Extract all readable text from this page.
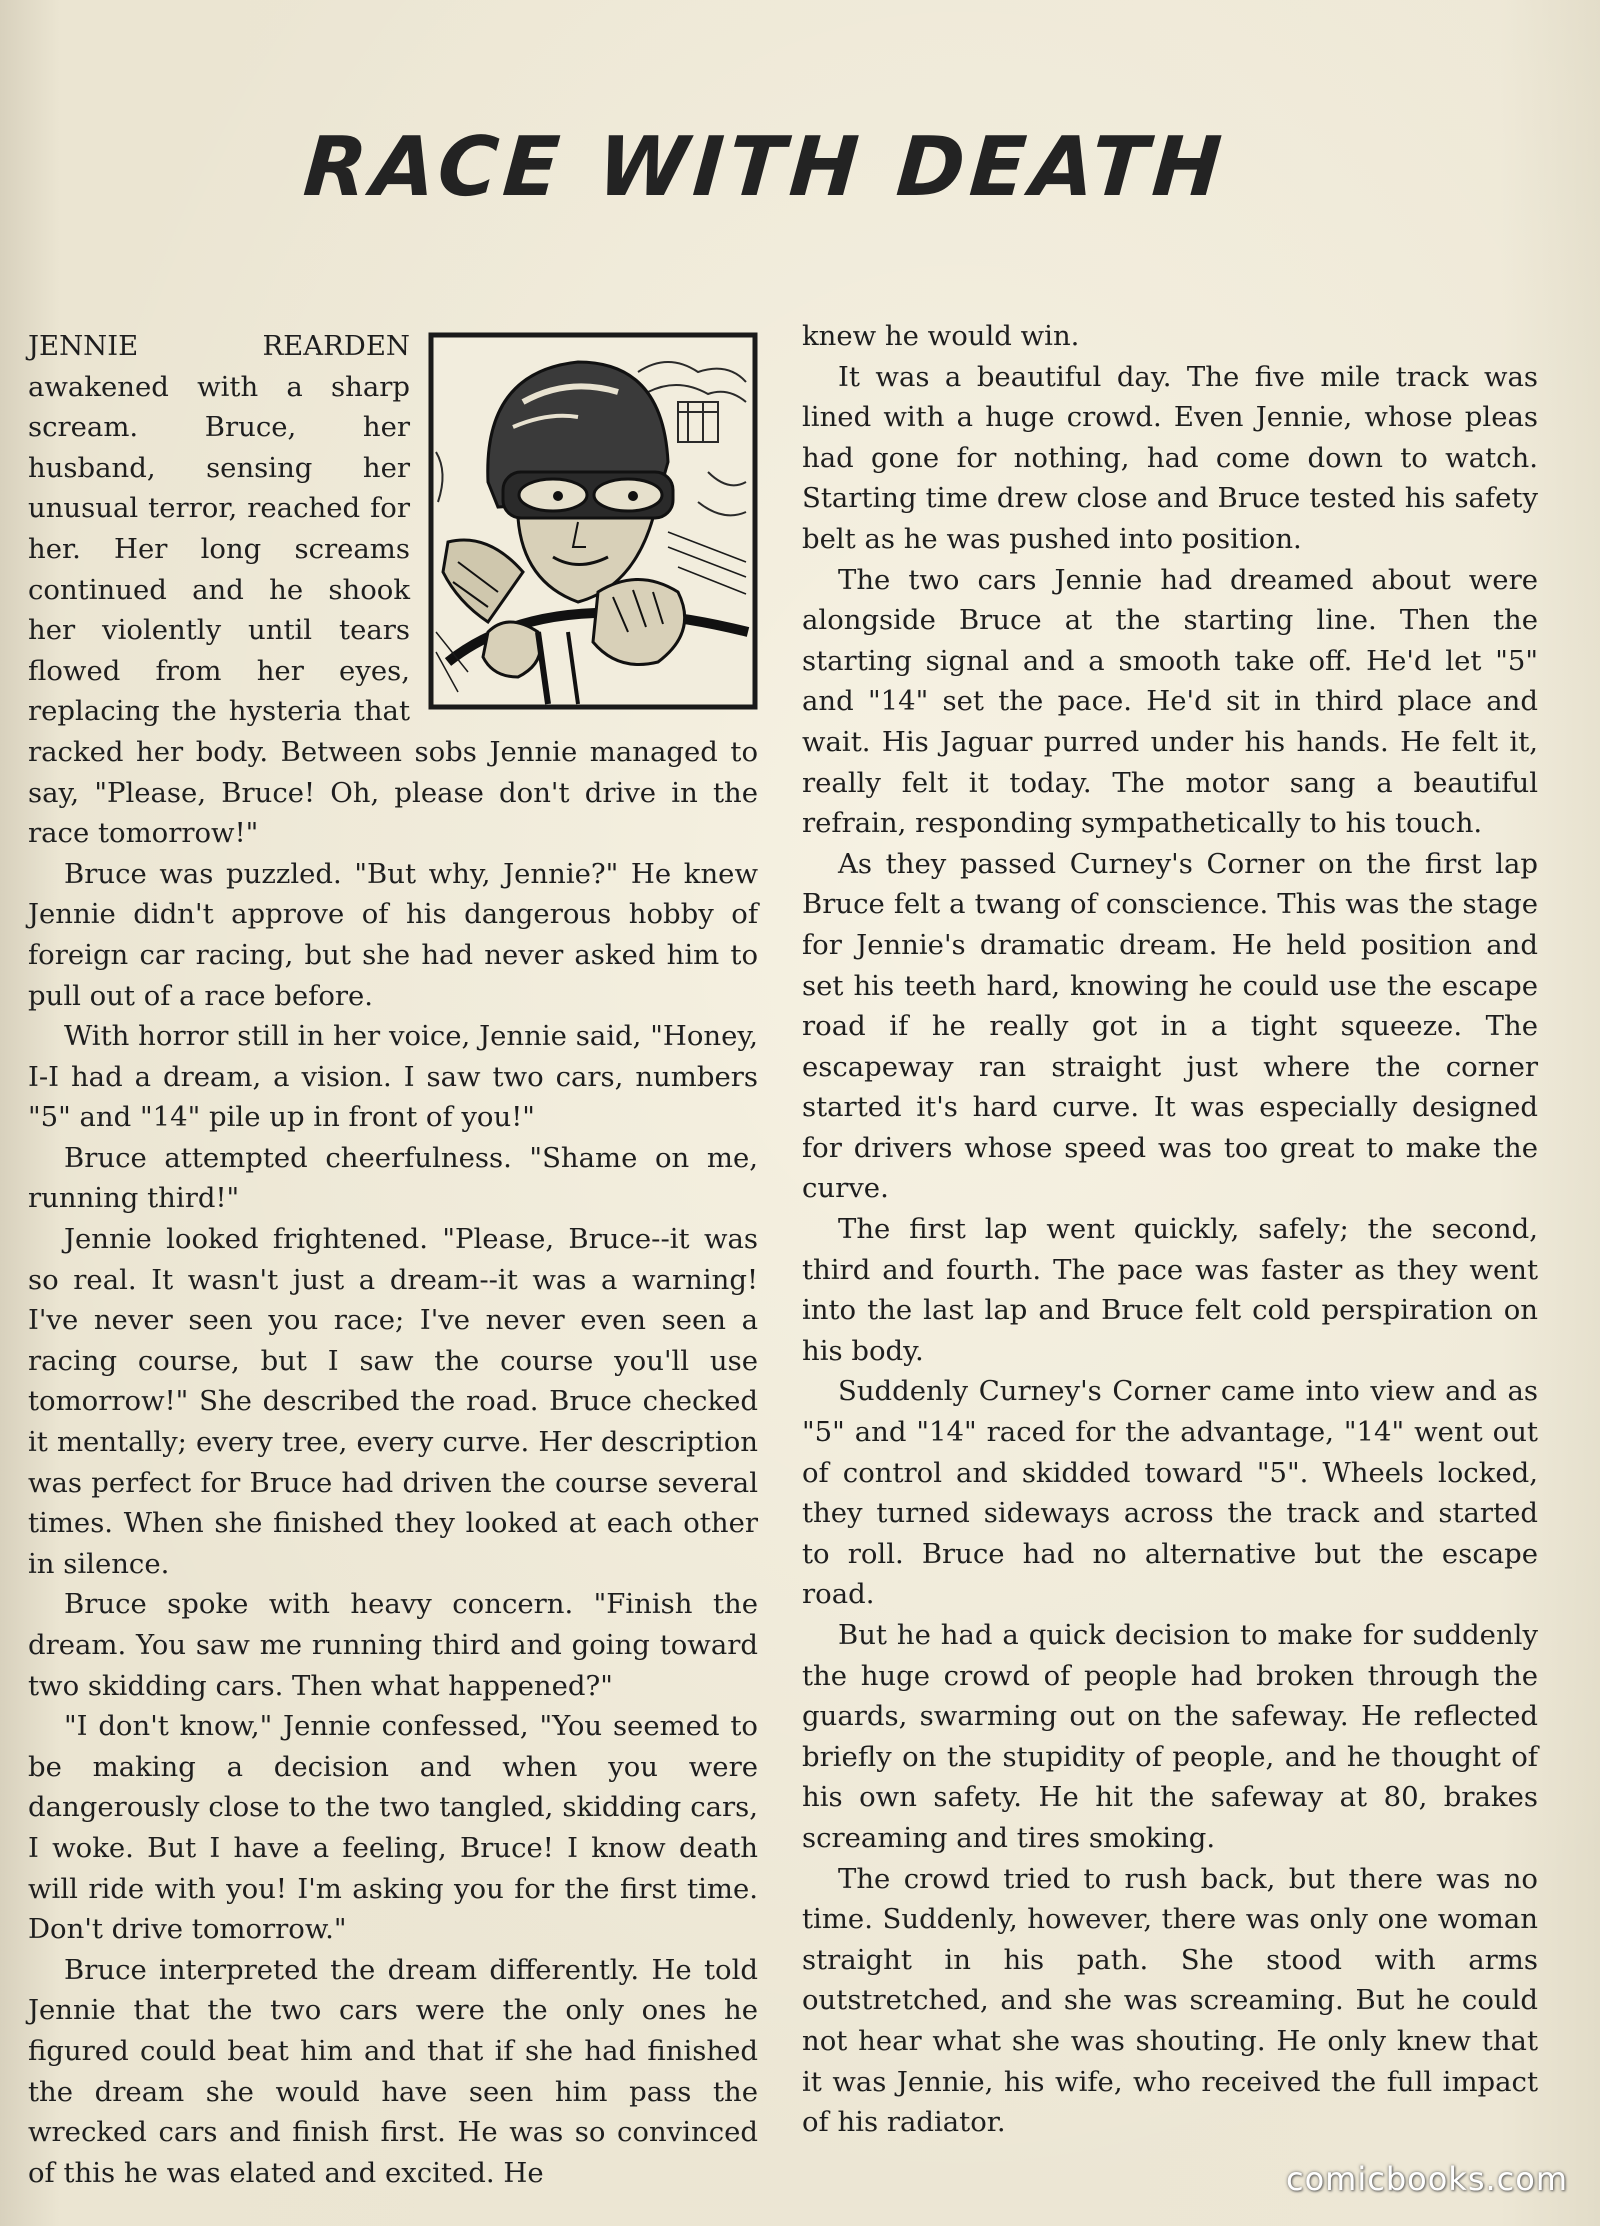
RACE WITH DEATH

JENNIE REARDEN awakened with a sharp scream. Bruce, her husband, sensing her unusual terror, reached for her. Her long screams continued and he shook her violently until tears flowed from her eyes, replacing the hysteria that racked her body. Between sobs Jennie managed to say, "Please, Bruce! Oh, please don't drive in the race tomorrow!"

Bruce was puzzled. "But why, Jennie?" He knew Jennie didn't approve of his dangerous hobby of foreign car racing, but she had never asked him to pull out of a race before.

With horror still in her voice, Jennie said, "Honey, I-I had a dream, a vision. I saw two cars, numbers "5" and "14" pile up in front of you!"

Bruce attempted cheerfulness. "Shame on me, running third!"

Jennie looked frightened. "Please, Bruce--it was so real. It wasn't just a dream--it was a warning! I've never seen you race; I've never even seen a racing course, but I saw the course you'll use tomorrow!" She described the road. Bruce checked it mentally; every tree, every curve. Her description was perfect for Bruce had driven the course several times. When she finished they looked at each other in silence.

Bruce spoke with heavy concern. "Finish the dream. You saw me running third and going toward two skidding cars. Then what happened?"

"I don't know," Jennie confessed, "You seemed to be making a decision and when you were dangerously close to the two tangled, skidding cars, I woke. But I have a feeling, Bruce! I know death will ride with you! I'm asking you for the first time. Don't drive tomorrow."

Bruce interpreted the dream differently. He told Jennie that the two cars were the only ones he figured could beat him and that if she had finished the dream she would have seen him pass the wrecked cars and finish first. He was so convinced of this he was elated and excited. He

knew he would win.

It was a beautiful day. The five mile track was lined with a huge crowd. Even Jennie, whose pleas had gone for nothing, had come down to watch. Starting time drew close and Bruce tested his safety belt as he was pushed into position.

The two cars Jennie had dreamed about were alongside Bruce at the starting line. Then the starting signal and a smooth take off. He'd let "5" and "14" set the pace. He'd sit in third place and wait. His Jaguar purred under his hands. He felt it, really felt it today. The motor sang a beautiful refrain, responding sympathetically to his touch.

As they passed Curney's Corner on the first lap Bruce felt a twang of conscience. This was the stage for Jennie's dramatic dream. He held position and set his teeth hard, knowing he could use the escape road if he really got in a tight squeeze. The escapeway ran straight just where the corner started it's hard curve. It was especially designed for drivers whose speed was too great to make the curve.

The first lap went quickly, safely; the second, third and fourth. The pace was faster as they went into the last lap and Bruce felt cold perspiration on his body.

Suddenly Curney's Corner came into view and as "5" and "14" raced for the advantage, "14" went out of control and skidded toward "5". Wheels locked, they turned sideways across the track and started to roll. Bruce had no alternative but the escape road.

But he had a quick decision to make for suddenly the huge crowd of people had broken through the guards, swarming out on the safeway. He reflected briefly on the stupidity of people, and he thought of his own safety. He hit the safeway at 80, brakes screaming and tires smoking.

The crowd tried to rush back, but there was no time. Suddenly, however, there was only one woman straight in his path. She stood with arms outstretched, and she was screaming. But he could not hear what she was shouting. He only knew that it was Jennie, his wife, who received the full impact of his radiator.

comicbooks.com
